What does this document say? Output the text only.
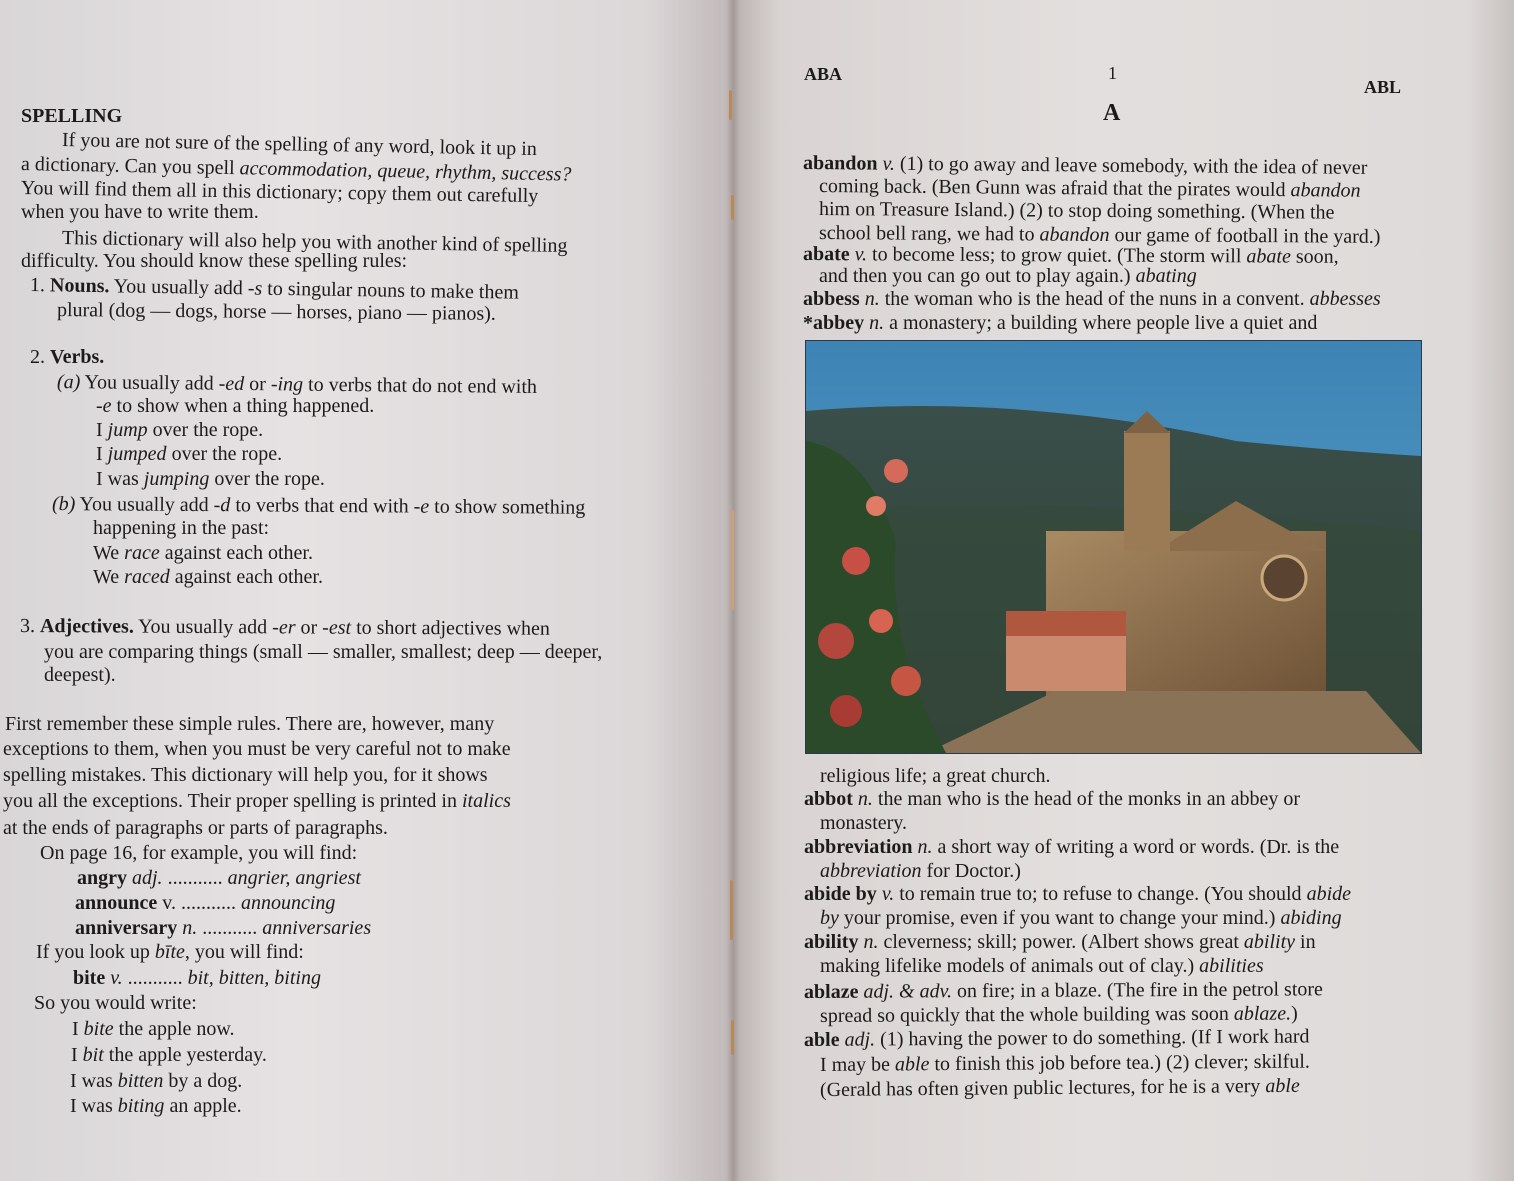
SPELLING
If you are not sure of the spelling of any word, look it up in
a dictionary. Can you spell accommodation, queue, rhythm, success?
You will find them all in this dictionary; copy them out carefully
when you have to write them.
This dictionary will also help you with another kind of spelling
difficulty. You should know these spelling rules:
1. Nouns. You usually add -s to singular nouns to make them
plural (dog — dogs, horse — horses, piano — pianos).
2. Verbs.
(a) You usually add -ed or -ing to verbs that do not end with
-e to show when a thing happened.
I jump over the rope.
I jumped over the rope.
I was jumping over the rope.
(b) You usually add -d to verbs that end with -e to show something
happening in the past:
We race against each other.
We raced against each other.
3. Adjectives. You usually add -er or -est to short adjectives when
you are comparing things (small — smaller, smallest; deep — deeper,
deepest).
First remember these simple rules. There are, however, many
exceptions to them, when you must be very careful not to make
spelling mistakes. This dictionary will help you, for it shows
you all the exceptions. Their proper spelling is printed in italics
at the ends of paragraphs or parts of paragraphs.
On page 16, for example, you will find:
angry adj. ........... angrier, angriest
announce v. ........... announcing
anniversary n. ........... anniversaries
If you look up bīte, you will find:
bite v. ........... bit, bitten, biting
So you would write:
I bite the apple now.
I bit the apple yesterday.
I was bitten by a dog.
I was biting an apple.
ABA	1
ABL
A
abandon v. (1) to go away and leave somebody, with the idea of never
coming back. (Ben Gunn was afraid that the pirates would abandon
him on Treasure Island.) (2) to stop doing something. (When the
school bell rang, we had to abandon our game of football in the yard.)
abate v. to become less; to grow quiet. (The storm will abate soon,
and then you can go out to play again.) abating
abbess n. the woman who is the head of the nuns in a convent. abbesses
*abbey n. a monastery; a building where people live a quiet and
religious life; a great church.
abbot n. the man who is the head of the monks in an abbey or
monastery.
abbreviation n. a short way of writing a word or words. (Dr. is the
abbreviation for Doctor.)
abide by v. to remain true to; to refuse to change. (You should abide
by your promise, even if you want to change your mind.) abiding
ability n. cleverness; skill; power. (Albert shows great ability in
making lifelike models of animals out of clay.) abilities
ablaze adj. & adv. on fire; in a blaze. (The fire in the petrol store
spread so quickly that the whole building was soon ablaze.)
able adj. (1) having the power to do something. (If I work hard
I may be able to finish this job before tea.) (2) clever; skilful.
(Gerald has often given public lectures, for he is a very able
